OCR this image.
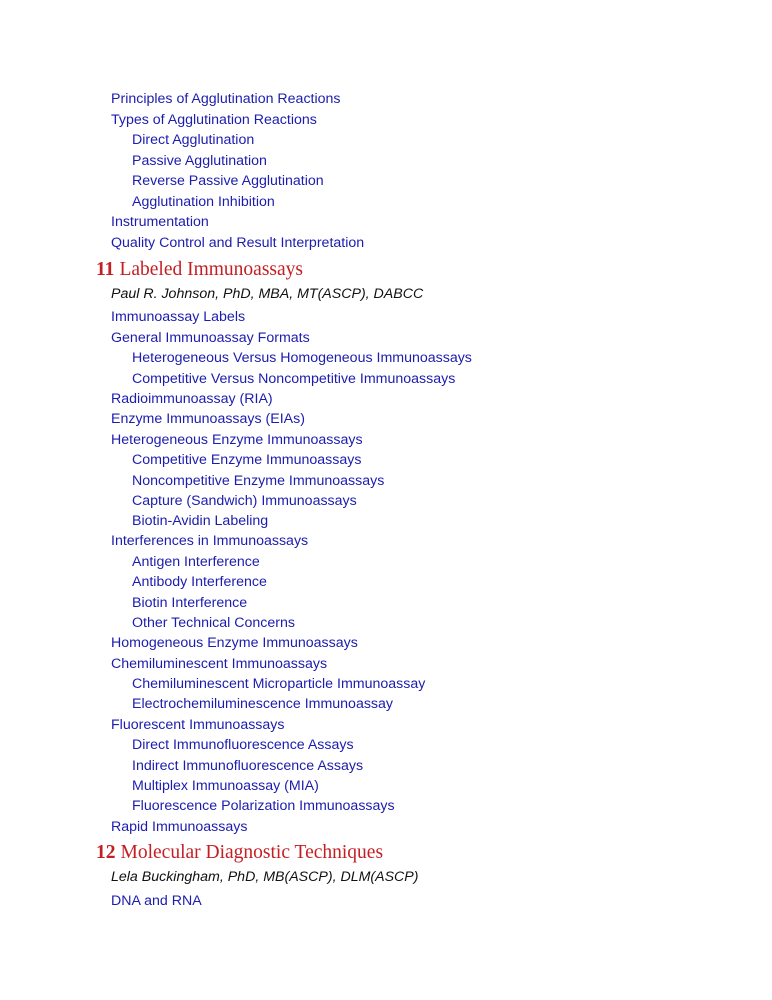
Principles of Agglutination Reactions
Types of Agglutination Reactions
Direct Agglutination
Passive Agglutination
Reverse Passive Agglutination
Agglutination Inhibition
Instrumentation
Quality Control and Result Interpretation
11 Labeled Immunoassays
Paul R. Johnson, PhD, MBA, MT(ASCP), DABCC
Immunoassay Labels
General Immunoassay Formats
Heterogeneous Versus Homogeneous Immunoassays
Competitive Versus Noncompetitive Immunoassays
Radioimmunoassay (RIA)
Enzyme Immunoassays (EIAs)
Heterogeneous Enzyme Immunoassays
Competitive Enzyme Immunoassays
Noncompetitive Enzyme Immunoassays
Capture (Sandwich) Immunoassays
Biotin-Avidin Labeling
Interferences in Immunoassays
Antigen Interference
Antibody Interference
Biotin Interference
Other Technical Concerns
Homogeneous Enzyme Immunoassays
Chemiluminescent Immunoassays
Chemiluminescent Microparticle Immunoassay
Electrochemiluminescence Immunoassay
Fluorescent Immunoassays
Direct Immunofluorescence Assays
Indirect Immunofluorescence Assays
Multiplex Immunoassay (MIA)
Fluorescence Polarization Immunoassays
Rapid Immunoassays
12 Molecular Diagnostic Techniques
Lela Buckingham, PhD, MB(ASCP), DLM(ASCP)
DNA and RNA
